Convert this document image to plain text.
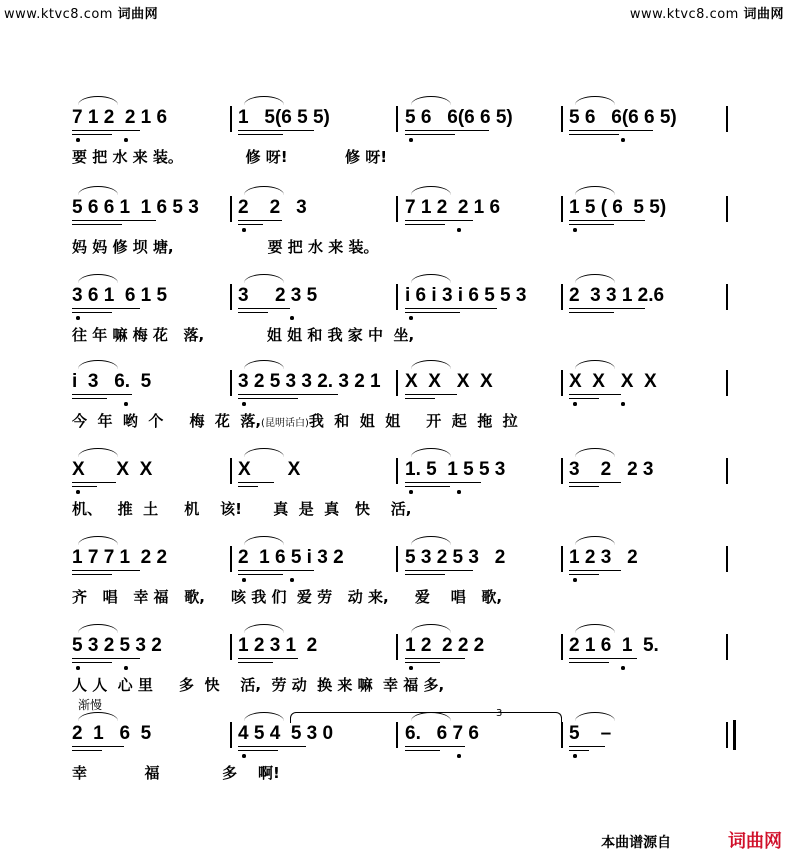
www.ktvc8.com 词曲网	www.ktvc8.com 词曲网
7 1 2  2 1 6	1   5(6 5 5)	5 6   6(6 6 5)	5 6   6(6 6 5)
要 把 水 来 装。            修 呀!           修 呀!
5 6 6 1  1 6 5 3 2    2   3	7 1 2  2 1 6	1 5 ( 6  5 5)
妈 妈 修 坝 塘,                  要 把 水 来 装。
3 6 1  6 1 5	3     2 3 5	i 6 i 3 i 6 5 5 3 2  3 3 1 2.6
往 年 嘛 梅 花   落,            姐 姐 和 我 家 中  坐,
i  3   6.  5	3 2 5 3 3 2. 3 2 1 X  X   X  X	X  X   X  X
今  年  哟  个     梅  花  落,(昆明话白)我  和  姐  姐     开  起  拖  拉
X      X  X	X       X	1. 5  1 5 5 3	3    2   2 3
机、   推  土     机    该!      真  是  真   快    活,
1 7 7 1  2 2	2  1 6 5 i 3 2	5 3 2 5 3   2	1 2 3   2
齐   唱   幸 福   歌,     咳 我 们  爱 劳   动 来,     爱    唱   歌,
5 3 2 5 3 2	1 2 3 1  2	1 2  2 2 2	2 1 6  1  5.
人 人  心 里     多  快    活,  劳 动  换 来 嘛  幸 福 多,
2  1   6  5	4 5 4  5 3 0	6.   6 7 6	5    –
幸           福            多    啊!
渐慢
3
本曲谱源自	词曲网
